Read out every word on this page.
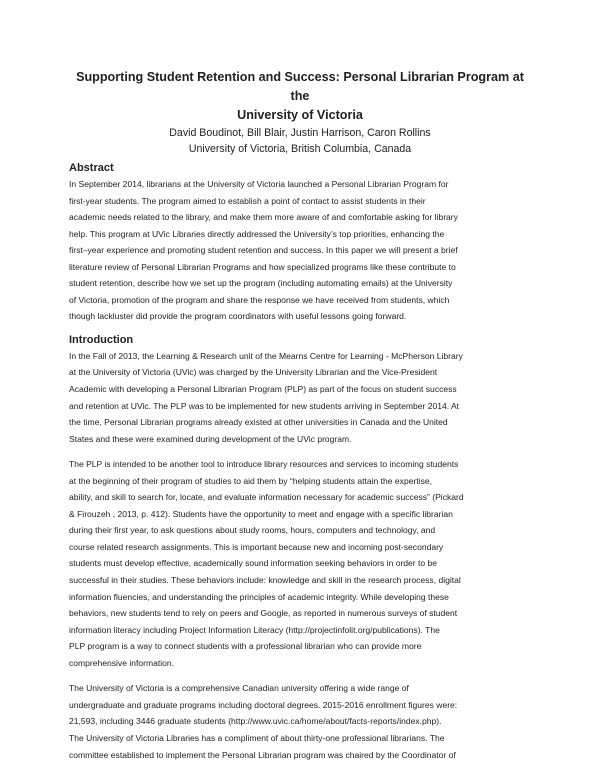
Supporting Student Retention and Success: Personal Librarian Program at the

University of Victoria

David Boudinot, Bill Blair, Justin Harrison, Caron Rollins

University of Victoria, British Columbia, Canada

Abstract

In September 2014, librarians at the University of Victoria launched a Personal Librarian Program for
first-year students. The program aimed to establish a point of contact to assist students in their
academic needs related to the library, and make them more aware of and comfortable asking for library
help. This program at UVic Libraries directly addressed the University’s top priorities, enhancing the
first–year experience and promoting student retention and success. In this paper we will present a brief
literature review of Personal Librarian Programs and how specialized programs like these contribute to
student retention, describe how we set up the program (including automating emails) at the University
of Victoria, promotion of the program and share the response we have received from students, which
though lackluster did provide the program coordinators with useful lessons going forward.

Introduction

In the Fall of 2013, the Learning & Research unit of the Mearns Centre for Learning - McPherson Library
at the University of Victoria (UVic) was charged by the University Librarian and the Vice-President
Academic with developing a Personal Librarian Program (PLP) as part of the focus on student success
and retention at UVic. The PLP was to be implemented for new students arriving in September 2014. At
the time, Personal Librarian programs already existed at other universities in Canada and the United
States and these were examined during development of the UVic program.

The PLP is intended to be another tool to introduce library resources and services to incoming students
at the beginning of their program of studies to aid them by “helping students attain the expertise,
ability, and skill to search for, locate, and evaluate information necessary for academic success” (Pickard
& Firouzeh , 2013, p. 412). Students have the opportunity to meet and engage with a specific librarian
during their first year, to ask questions about study rooms, hours, computers and technology, and
course related research assignments. This is important because new and incoming post-secondary
students must develop effective, academically sound information seeking behaviors in order to be
successful in their studies. These behaviors include: knowledge and skill in the research process, digital
information fluencies, and understanding the principles of academic integrity. While developing these
behaviors, new students tend to rely on peers and Google, as reported in numerous surveys of student
information literacy including Project Information Literacy (http://projectinfolit.org/publications). The
PLP program is a way to connect students with a professional librarian who can provide more
comprehensive information.

The University of Victoria is a comprehensive Canadian university offering a wide range of
undergraduate and graduate programs including doctoral degrees. 2015-2016 enrollment figures were:
21,593, including 3446 graduate students (http://www.uvic.ca/home/about/facts-reports/index.php).
The University of Victoria Libraries has a compliment of about thirty-one professional librarians. The
committee established to implement the Personal Librarian program was chaired by the Coordinator of
